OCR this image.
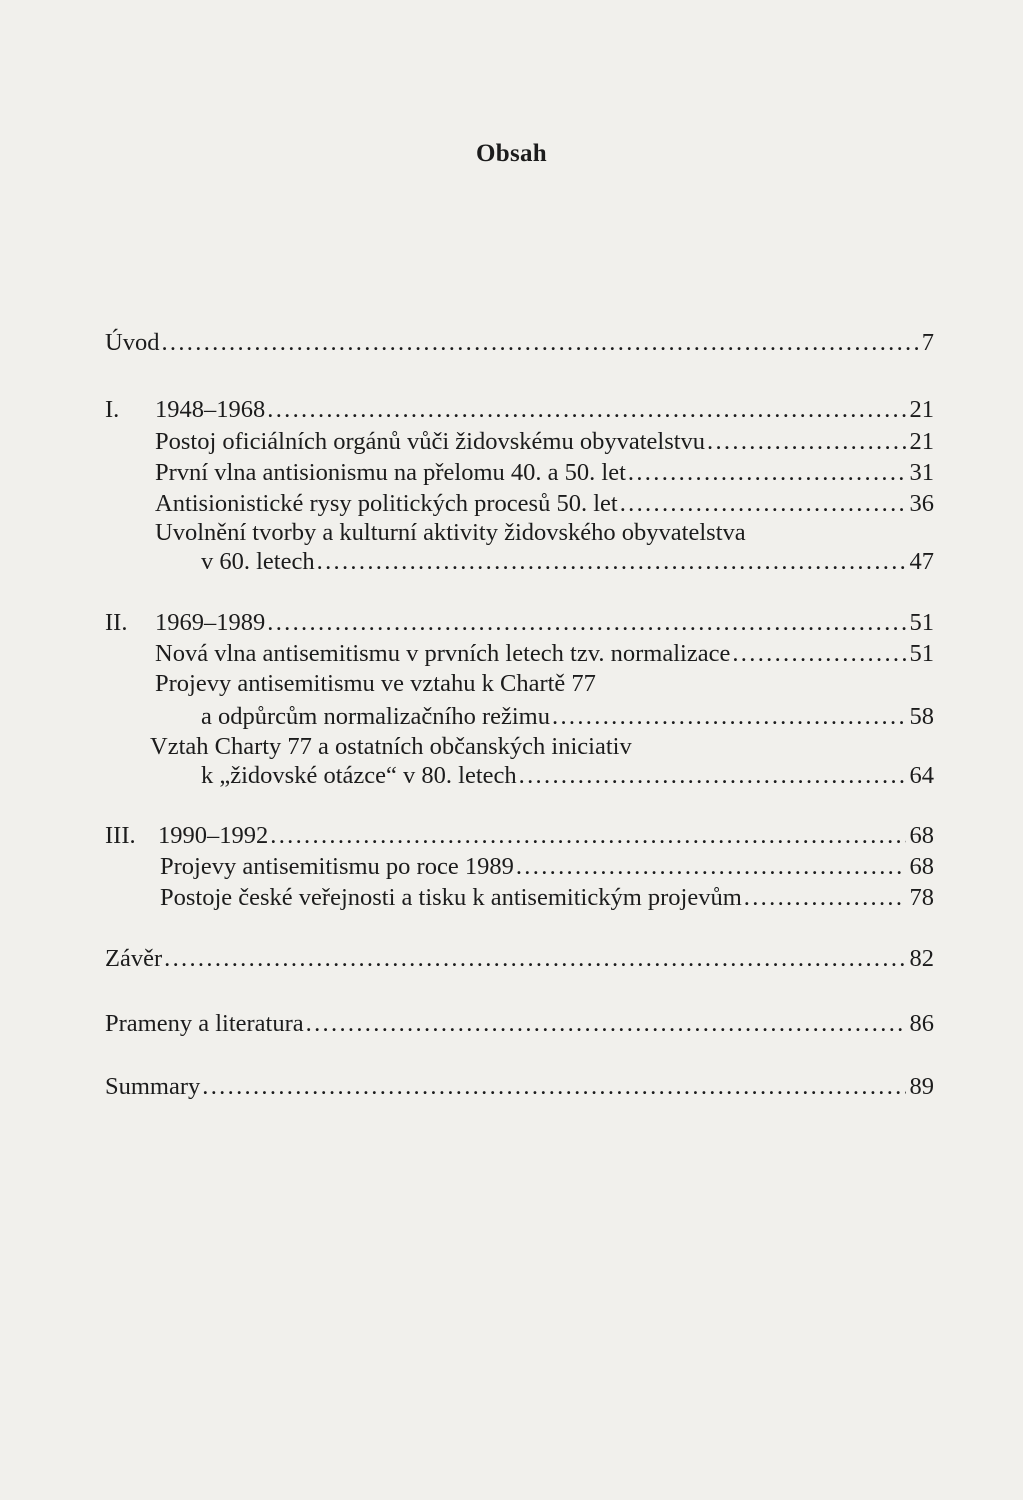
Obsah
Úvod . . .	7
I.	1948–1968 . . .	21
Postoj oficiálních orgánů vůči židovskému obyvatelstvu . . .	21
První vlna antisionismu na přelomu 40. a 50. let . . .	31
Antisionistické rysy politických procesů 50. let . . .	36
Uvolnění tvorby a kulturní aktivity židovského obyvatelstva
v 60. letech . . .	47
II.	1969–1989 . . .	51
Nová vlna antisemitismu v prvních letech tzv. normalizace . . .	51
Projevy antisemitismu ve vztahu k Chartě 77
a odpůrcům normalizačního režimu . . .	58
Vztah Charty 77 a ostatních občanských iniciativ
k „židovské otázce“ v 80. letech . . .	64
III. 1990–1992 . . .	68
Projevy antisemitismu po roce 1989 . . .	68
Postoje české veřejnosti a tisku k antisemitickým projevům . . .	78
Závěr . . .	82
Prameny a literatura . . .	86
Summary . . .	89
